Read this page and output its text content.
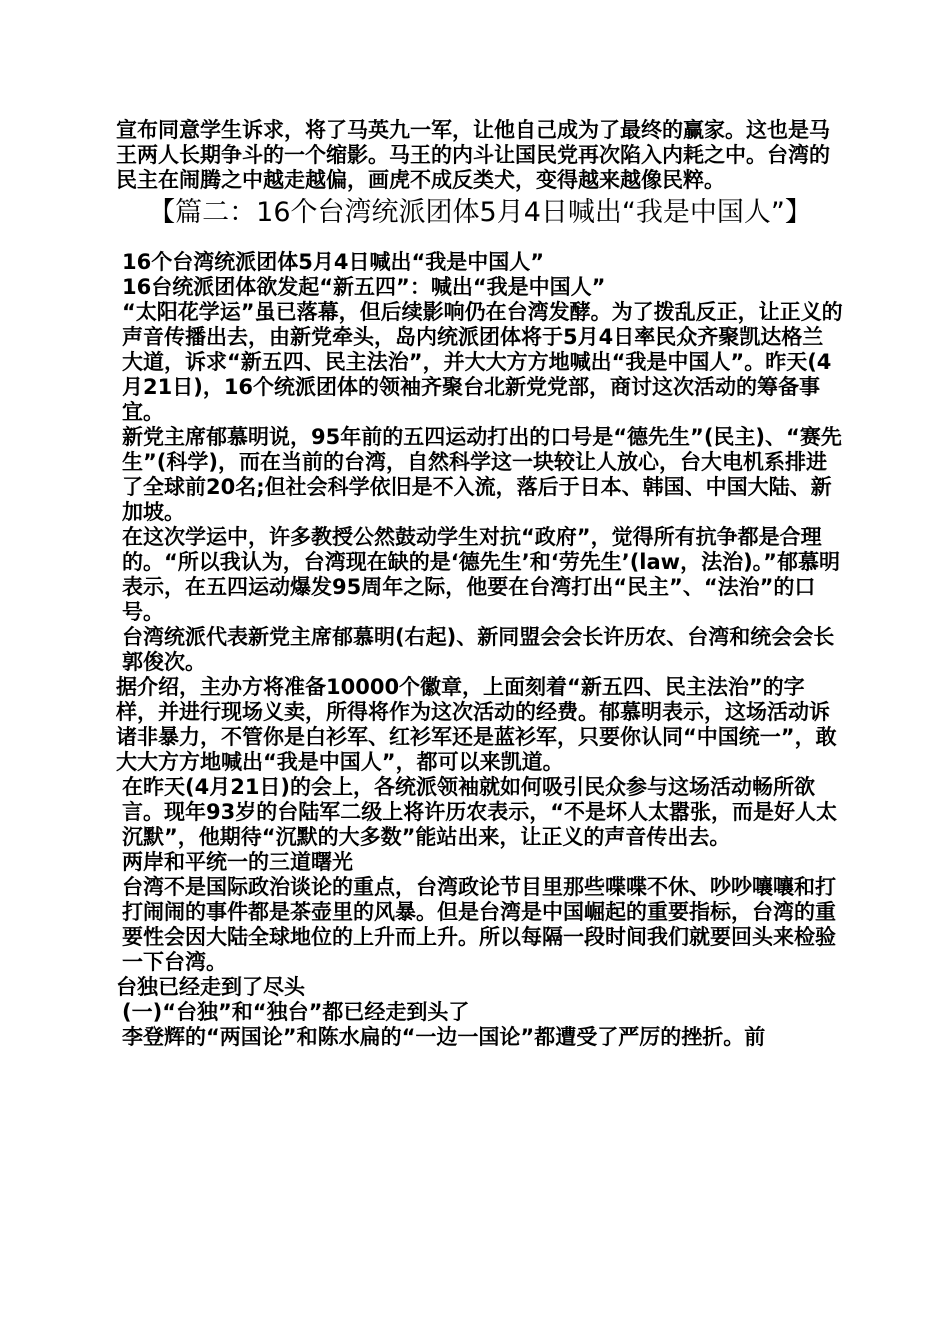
宣布同意学生诉求，将了马英九一军，让他自己成为了最终的赢家。这也是马王两人长期争斗的一个缩影。马王的内斗让国民党再次陷入内耗之中。台湾的民主在闹腾之中越走越偏，画虎不成反类犬，变得越来越像民粹。

【篇二：16个台湾统派团体5月4日喊出“我是中国人”】

16个台湾统派团体5月4日喊出“我是中国人”

16台统派团体欲发起“新五四”：喊出“我是中国人”

“太阳花学运”虽已落幕，但后续影响仍在台湾发酵。为了拨乱反正，让正义的声音传播出去，由新党牵头，岛内统派团体将于5月4日率民众齐聚凯达格兰大道，诉求“新五四、民主法治”，并大大方方地喊出“我是中国人”。昨天(4月21日)，16个统派团体的领袖齐聚台北新党党部，商讨这次活动的筹备事宜。

新党主席郁慕明说，95年前的五四运动打出的口号是“德先生”(民主)、“赛先生”(科学)，而在当前的台湾，自然科学这一块较让人放心，台大电机系排进了全球前20名;但社会科学依旧是不入流，落后于日本、韩国、中国大陆、新加坡。

在这次学运中，许多教授公然鼓动学生对抗“政府”，觉得所有抗争都是合理的。“所以我认为，台湾现在缺的是‘德先生’和‘劳先生’(law，法治)。”郁慕明表示，在五四运动爆发95周年之际，他要在台湾打出“民主”、“法治”的口号。

台湾统派代表新党主席郁慕明(右起)、新同盟会会长许历农、台湾和统会会长郭俊次。

据介绍，主办方将准备10000个徽章，上面刻着“新五四、民主法治”的字样，并进行现场义卖，所得将作为这次活动的经费。郁慕明表示，这场活动诉诸非暴力，不管你是白衫军、红衫军还是蓝衫军，只要你认同“中国统一”，敢大大方方地喊出“我是中国人”，都可以来凯道。

在昨天(4月21日)的会上，各统派领袖就如何吸引民众参与这场活动畅所欲言。现年93岁的台陆军二级上将许历农表示，“不是坏人太嚣张，而是好人太沉默”，他期待“沉默的大多数”能站出来，让正义的声音传出去。

两岸和平统一的三道曙光

台湾不是国际政治谈论的重点，台湾政论节目里那些喋喋不休、吵吵嚷嚷和打打闹闹的事件都是茶壶里的风暴。但是台湾是中国崛起的重要指标，台湾的重要性会因大陆全球地位的上升而上升。所以每隔一段时间我们就要回头来检验一下台湾。

台独已经走到了尽头

(一)“台独”和“独台”都已经走到头了

李登辉的“两国论”和陈水扁的“一边一国论”都遭受了严厉的挫折。前
